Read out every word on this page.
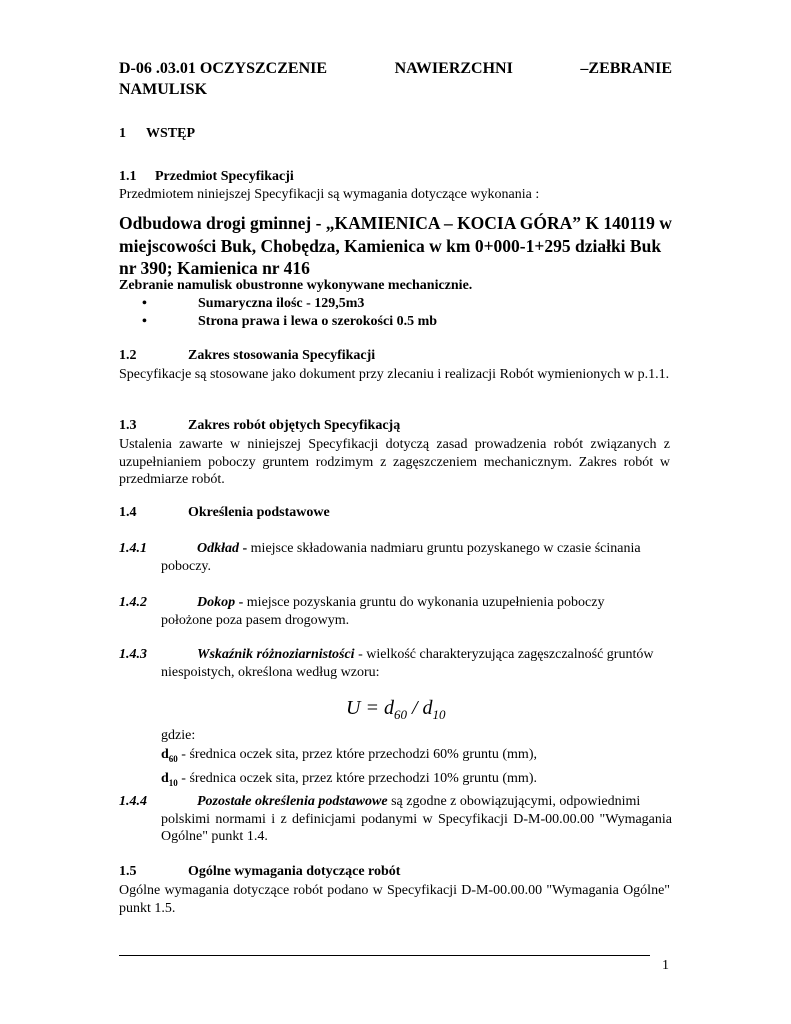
D-06 .03.01 OCZYSZCZENIE	NAWIERZCHNI	–ZEBRANIE
NAMULISK
1 WSTĘP
1.1 Przedmiot Specyfikacji

Przedmiotem niniejszej Specyfikacji są wymagania dotyczące wykonania :

Odbudowa drogi gminnej - „KAMIENICA – KOCIA GÓRA” K 140119 w miejscowości Buk, Chobędza, Kamienica w km 0+000-1+295 działki Buk nr 390; Kamienica nr 416

Zebranie namulisk obustronne wykonywane mechanicznie.

•	Sumaryczna ilośc - 129,5m3
•	Strona prawa i lewa o szerokości 0.5 mb
1.2	Zakres stosowania Specyfikacji

Specyfikacje są stosowane jako dokument przy zlecaniu i realizacji Robót wymienionych w p.1.1.

1.3	Zakres robót objętych Specyfikacją

Ustalenia zawarte w niniejszej Specyfikacji dotyczą zasad prowadzenia robót związanych z uzupełnianiem poboczy gruntem rodzimym z zagęszczeniem mechanicznym. Zakres robót w przedmiarze robót.

1.4	Określenia podstawowe
1.4.1	Odkład - miejsce składowania nadmiaru gruntu pozyskanego w czasie ścinania
poboczy.
1.4.2	Dokop - miejsce pozyskania gruntu do wykonania uzupełnienia poboczy
położone poza pasem drogowym.
1.4.3	Wskaźnik różnoziarnistości - wielkość charakteryzująca zagęszczalność gruntów
niespoistych, określona według wzoru:
$U = d_{60} / d_{10}$
gdzie:
$d_{60}$ - średnica oczek sita, przez które przechodzi 60% gruntu (mm),
$d_{10}$ - średnica oczek sita, przez które przechodzi 10% gruntu (mm).
1.4.4	Pozostałe określenia podstawowe są zgodne z obowiązującymi, odpowiednimi
polskimi normami i z definicjami podanymi w Specyfikacji D-M-00.00.00 "Wymagania Ogólne" punkt 1.4.
1.5	Ogólne wymagania dotyczące robót

Ogólne wymagania dotyczące robót podano w Specyfikacji D-M-00.00.00 "Wymagania Ogólne" punkt 1.5.

1
